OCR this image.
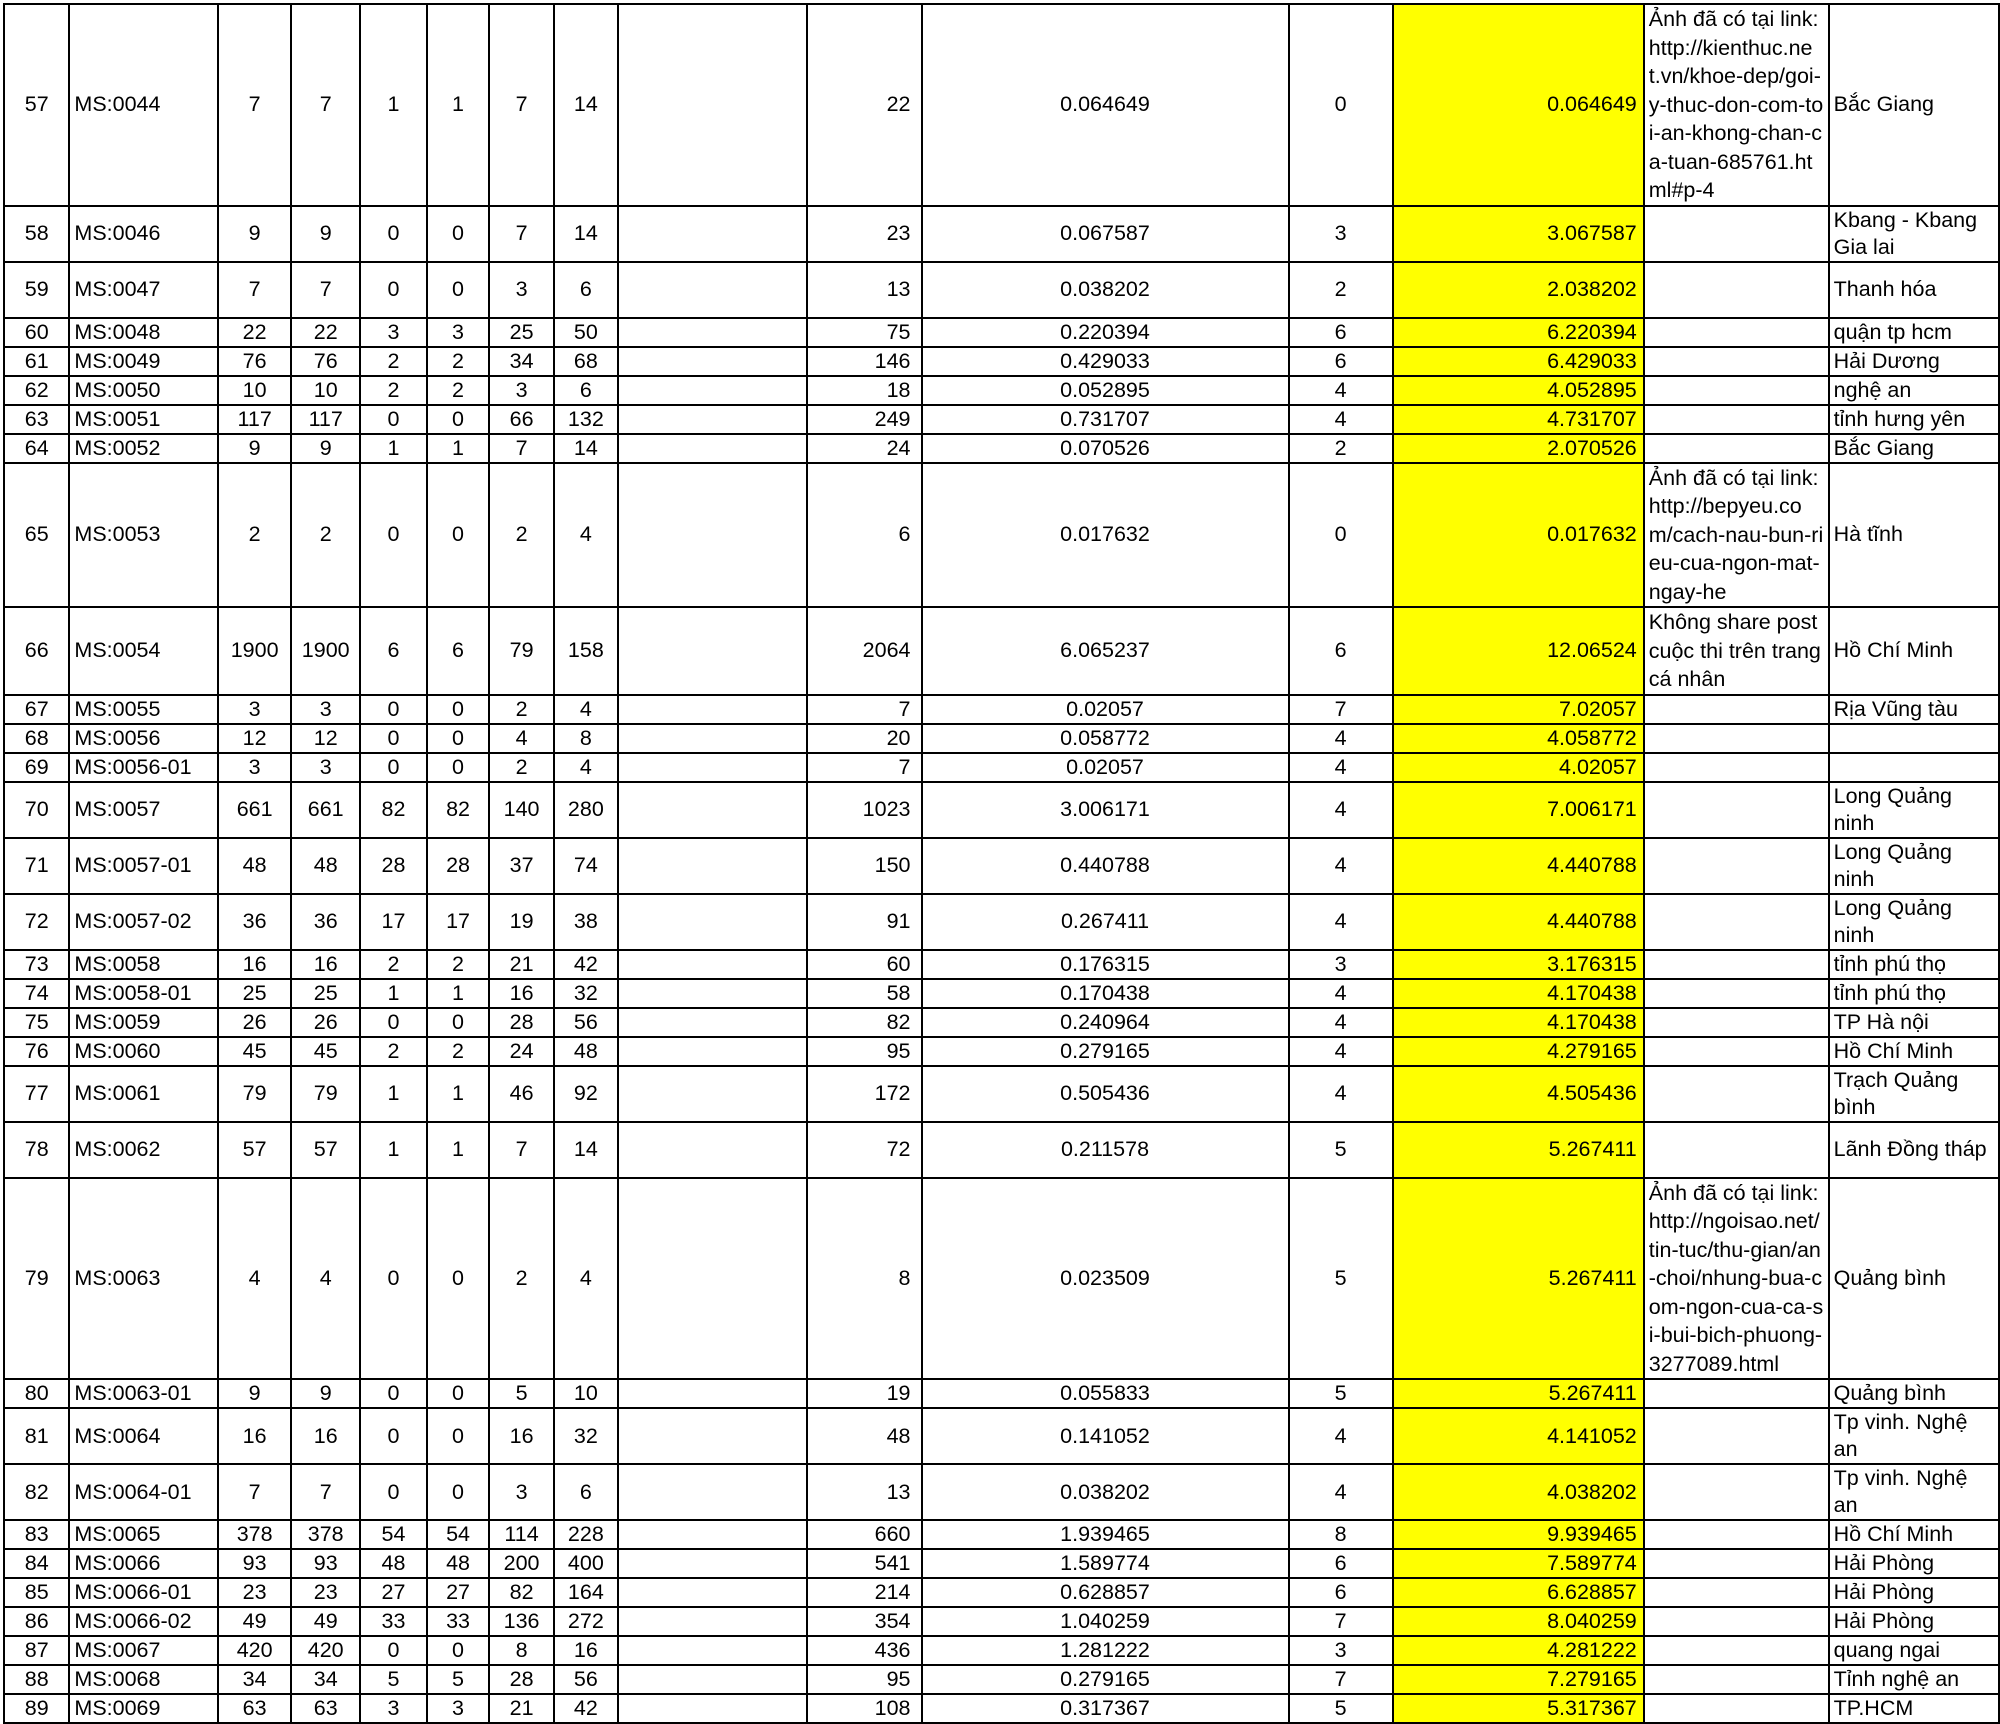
57	MS:0044	7	7	1	1	7	14		22	0.064649	0	0.064649	Ảnh đã có tại link: http://kienthuc.net.vn/khoe-dep/goi-y-thuc-don-com-toi-an-khong-chan-ca-tuan-685761.html#p-4	Bắc Giang
58	MS:0046	9	9	0	0	7	14		23	0.067587	3	3.067587		Kbang - Kbang Gia lai
59	MS:0047	7	7	0	0	3	6		13	0.038202	2	2.038202		Thanh hóa
60	MS:0048	22	22	3	3	25	50		75	0.220394	6	6.220394		quận tp hcm
61	MS:0049	76	76	2	2	34	68		146	0.429033	6	6.429033		Hải Dương
62	MS:0050	10	10	2	2	3	6		18	0.052895	4	4.052895		nghệ an
63	MS:0051	117	117	0	0	66	132		249	0.731707	4	4.731707		tỉnh hưng yên
64	MS:0052	9	9	1	1	7	14		24	0.070526	2	2.070526		Bắc Giang
65	MS:0053	2	2	0	0	2	4		6	0.017632	0	0.017632	Ảnh đã có tại link: http://bepyeu.com/cach-nau-bun-rieu-cua-ngon-mat-ngay-he	Hà tĩnh
66	MS:0054	1900	1900	6	6	79	158		2064	6.065237	6	12.06524	Không share post cuộc thi trên trang cá nhân	Hồ Chí Minh
67	MS:0055	3	3	0	0	2	4		7	0.02057	7	7.02057		Rịa Vũng tàu
68	MS:0056	12	12	0	0	4	8		20	0.058772	4	4.058772		
69	MS:0056-01	3	3	0	0	2	4		7	0.02057	4	4.02057		
70	MS:0057	661	661	82	82	140	280		1023	3.006171	4	7.006171		Long Quảng ninh
71	MS:0057-01	48	48	28	28	37	74		150	0.440788	4	4.440788		Long Quảng ninh
72	MS:0057-02	36	36	17	17	19	38		91	0.267411	4	4.440788		Long Quảng ninh
73	MS:0058	16	16	2	2	21	42		60	0.176315	3	3.176315		tỉnh phú thọ
74	MS:0058-01	25	25	1	1	16	32		58	0.170438	4	4.170438		tỉnh phú thọ
75	MS:0059	26	26	0	0	28	56		82	0.240964	4	4.170438		TP Hà nội
76	MS:0060	45	45	2	2	24	48		95	0.279165	4	4.279165		Hồ Chí Minh
77	MS:0061	79	79	1	1	46	92		172	0.505436	4	4.505436		Trạch Quảng bình
78	MS:0062	57	57	1	1	7	14		72	0.211578	5	5.267411		Lãnh Đồng tháp
79	MS:0063	4	4	0	0	2	4		8	0.023509	5	5.267411	Ảnh đã có tại link: http://ngoisao.net/tin-tuc/thu-gian/an-choi/nhung-bua-com-ngon-cua-ca-si-bui-bich-phuong-3277089.html	Quảng bình
80	MS:0063-01	9	9	0	0	5	10		19	0.055833	5	5.267411		Quảng bình
81	MS:0064	16	16	0	0	16	32		48	0.141052	4	4.141052		Tp vinh. Nghệ an
82	MS:0064-01	7	7	0	0	3	6		13	0.038202	4	4.038202		Tp vinh. Nghệ an
83	MS:0065	378	378	54	54	114	228		660	1.939465	8	9.939465		Hồ Chí Minh
84	MS:0066	93	93	48	48	200	400		541	1.589774	6	7.589774		Hải Phòng
85	MS:0066-01	23	23	27	27	82	164		214	0.628857	6	6.628857		Hải Phòng
86	MS:0066-02	49	49	33	33	136	272		354	1.040259	7	8.040259		Hải Phòng
87	MS:0067	420	420	0	0	8	16		436	1.281222	3	4.281222		quang ngai
88	MS:0068	34	34	5	5	28	56		95	0.279165	7	7.279165		Tỉnh nghệ an
89	MS:0069	63	63	3	3	21	42		108	0.317367	5	5.317367		TP.HCM
